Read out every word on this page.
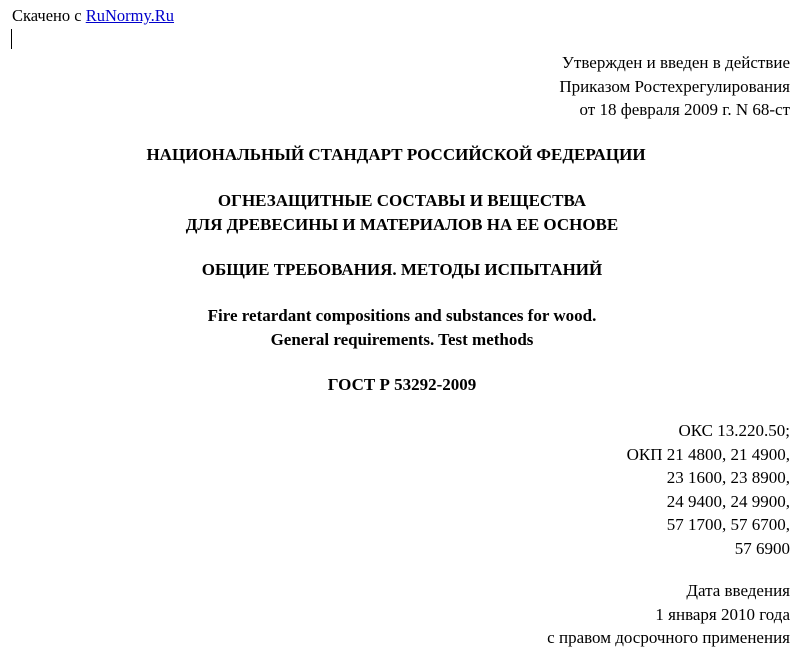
Скачено с RuNormy.Ru
Утвержден и введен в действие
Приказом Ростехрегулирования
от 18 февраля 2009 г. N 68-ст
НАЦИОНАЛЬНЫЙ СТАНДАРТ РОССИЙСКОЙ ФЕДЕРАЦИИ
ОГНЕЗАЩИТНЫЕ СОСТАВЫ И ВЕЩЕСТВА
ДЛЯ ДРЕВЕСИНЫ И МАТЕРИАЛОВ НА ЕЕ ОСНОВЕ
ОБЩИЕ ТРЕБОВАНИЯ. МЕТОДЫ ИСПЫТАНИЙ
Fire retardant compositions and substances for wood.
General requirements. Test methods
ГОСТ Р 53292-2009
ОКС 13.220.50;
ОКП 21 4800, 21 4900,
23 1600, 23 8900,
24 9400, 24 9900,
57 1700, 57 6700,
57 6900
Дата введения
1 января 2010 года
с правом досрочного применения
